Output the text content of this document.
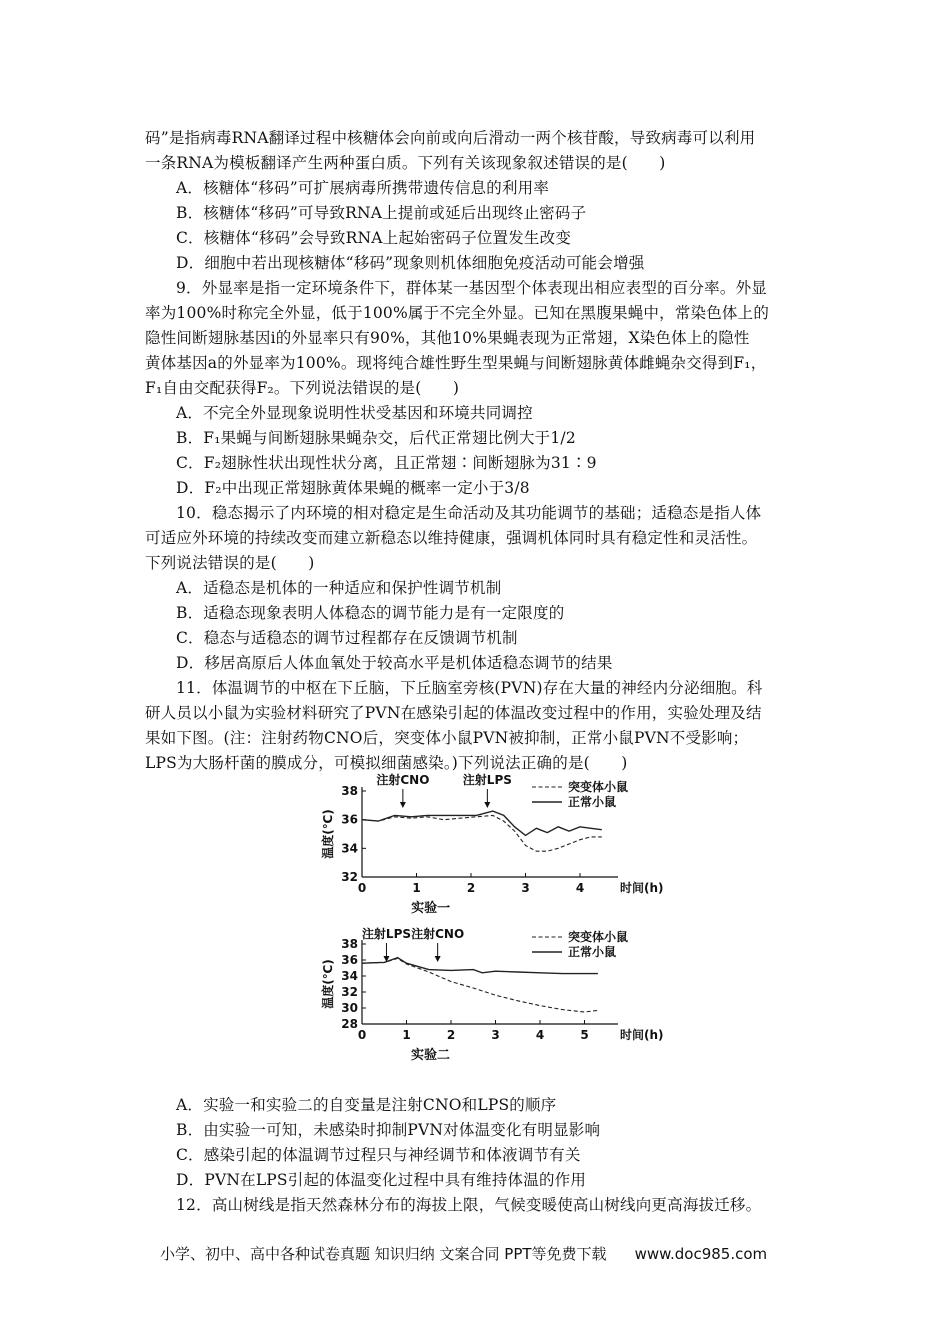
码”是指病毒RNA翻译过程中核糖体会向前或向后滑动一两个核苷酸，导致病毒可以利用
一条RNA为模板翻译产生两种蛋白质。下列有关该现象叙述错误的是(　　)
A．核糖体“移码”可扩展病毒所携带遗传信息的利用率
B．核糖体“移码”可导致RNA上提前或延后出现终止密码子
C．核糖体“移码”会导致RNA上起始密码子位置发生改变
D．细胞中若出现核糖体“移码”现象则机体细胞免疫活动可能会增强
9．外显率是指一定环境条件下，群体某一基因型个体表现出相应表型的百分率。外显
率为100%时称完全外显，低于100%属于不完全外显。已知在黑腹果蝇中，常染色体上的
隐性间断翅脉基因i的外显率只有90%，其他10%果蝇表现为正常翅，X染色体上的隐性
黄体基因a的外显率为100%。现将纯合雄性野生型果蝇与间断翅脉黄体雌蝇杂交得到F₁，
F₁自由交配获得F₂。下列说法错误的是(　　)
A．不完全外显现象说明性状受基因和环境共同调控
B．F₁果蝇与间断翅脉果蝇杂交，后代正常翅比例大于1/2
C．F₂翅脉性状出现性状分离，且正常翅∶间断翅脉为31∶9
D．F₂中出现正常翅脉黄体果蝇的概率一定小于3/8
10．稳态揭示了内环境的相对稳定是生命活动及其功能调节的基础；适稳态是指人体
可适应外环境的持续改变而建立新稳态以维持健康，强调机体同时具有稳定性和灵活性。
下列说法错误的是(　　)
A．适稳态是机体的一种适应和保护性调节机制
B．适稳态现象表明人体稳态的调节能力是有一定限度的
C．稳态与适稳态的调节过程都存在反馈调节机制
D．移居高原后人体血氧处于较高水平是机体适稳态调节的结果
11．体温调节的中枢在下丘脑，下丘脑室旁核(PVN)存在大量的神经内分泌细胞。科
研人员以小鼠为实验材料研究了PVN在感染引起的体温改变过程中的作用，实验处理及结
果如下图。(注：注射药物CNO后，突变体小鼠PVN被抑制，正常小鼠PVN不受影响；
LPS为大肠杆菌的膜成分，可模拟细菌感染。)下列说法正确的是(　　)
32
34
36
38
0	1	2	3	4	时间(h)
温度(℃)
实验一
突变体小鼠
正常小鼠
注射CNO	注射LPS
28
30
32
34
36
38
0	1	2	3	4	5	时间(h)
温度(℃)
实验二
突变体小鼠
正常小鼠
注射LPS 注射CNO
A．实验一和实验二的自变量是注射CNO和LPS的顺序
B．由实验一可知，未感染时抑制PVN对体温变化有明显影响
C．感染引起的体温调节过程只与神经调节和体液调节有关
D．PVN在LPS引起的体温变化过程中具有维持体温的作用
12．高山树线是指天然森林分布的海拔上限，气候变暖使高山树线向更高海拔迁移。
小学、初中、高中各种试卷真题 知识归纳 文案合同 PPT等免费下载 www.doc985.com
